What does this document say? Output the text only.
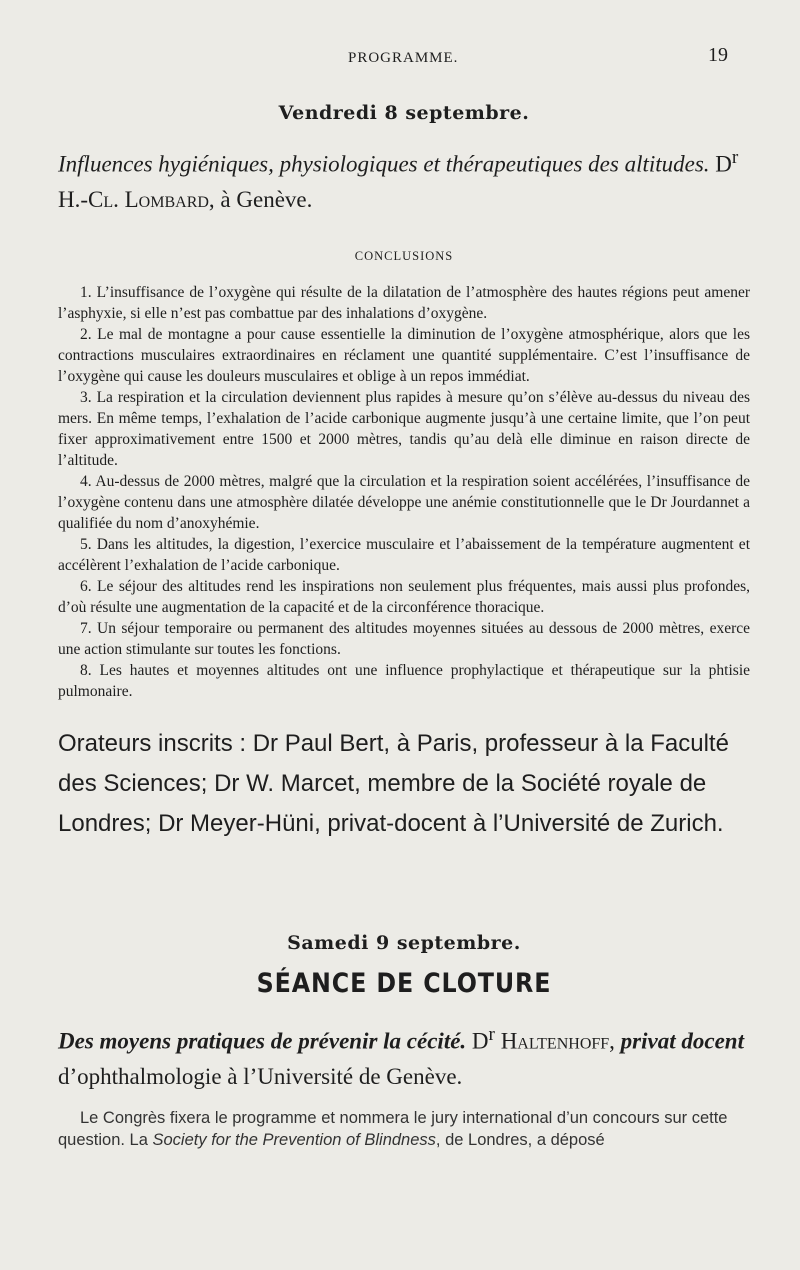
PROGRAMME.	19
Vendredi 8 septembre.

Influences hygiéniques, physiologiques et thérapeutiques des altitudes. $D^r$ H.-Cl. Lombard, à Genève.

CONCLUSIONS

1. L’insuffisance de l’oxygène qui résulte de la dilatation de l’atmosphère des hautes régions peut amener l’asphyxie, si elle n’est pas combattue par des inhalations d’oxygène.

2. Le mal de montagne a pour cause essentielle la diminution de l’oxygène atmosphérique, alors que les contractions musculaires extraordinaires en réclament une quantité supplémentaire. C’est l’insuffisance de l’oxygène qui cause les douleurs musculaires et oblige à un repos immédiat.

3. La respiration et la circulation deviennent plus rapides à mesure qu’on s’élève au-dessus du niveau des mers. En même temps, l’exhalation de l’acide carbonique augmente jusqu’à une certaine limite, que l’on peut fixer approximativement entre 1500 et 2000 mètres, tandis qu’au delà elle diminue en raison directe de l’altitude.

4. Au-dessus de 2000 mètres, malgré que la circulation et la respiration soient accélérées, l’insuffisance de l’oxygène contenu dans une atmosphère dilatée développe une anémie constitutionnelle que le Dr Jourdannet a qualifiée du nom d’anoxyhémie.

5. Dans les altitudes, la digestion, l’exercice musculaire et l’abaissement de la température augmentent et accélèrent l’exhalation de l’acide carbonique.

6. Le séjour des altitudes rend les inspirations non seulement plus fréquentes, mais aussi plus profondes, d’où résulte une augmentation de la capacité et de la circonférence thoracique.

7. Un séjour temporaire ou permanent des altitudes moyennes situées au dessous de 2000 mètres, exerce une action stimulante sur toutes les fonctions.

8. Les hautes et moyennes altitudes ont une influence prophylactique et thérapeutique sur la phtisie pulmonaire.

Orateurs inscrits : Dr Paul Bert, à Paris, professeur à la Faculté des Sciences; Dr W. Marcet, membre de la Société royale de Londres; Dr Meyer-Hüni, privat-docent à l’Université de Zurich.

Samedi 9 septembre.
SÉANCE DE CLOTURE

Des moyens pratiques de prévenir la cécité. $D^r$ Haltenhoff, privat docent d’ophthalmologie à l’Université de Genève.

Le Congrès fixera le programme et nommera le jury international d’un concours sur cette question. La Society for the Prevention of Blindness, de Londres, a déposé
